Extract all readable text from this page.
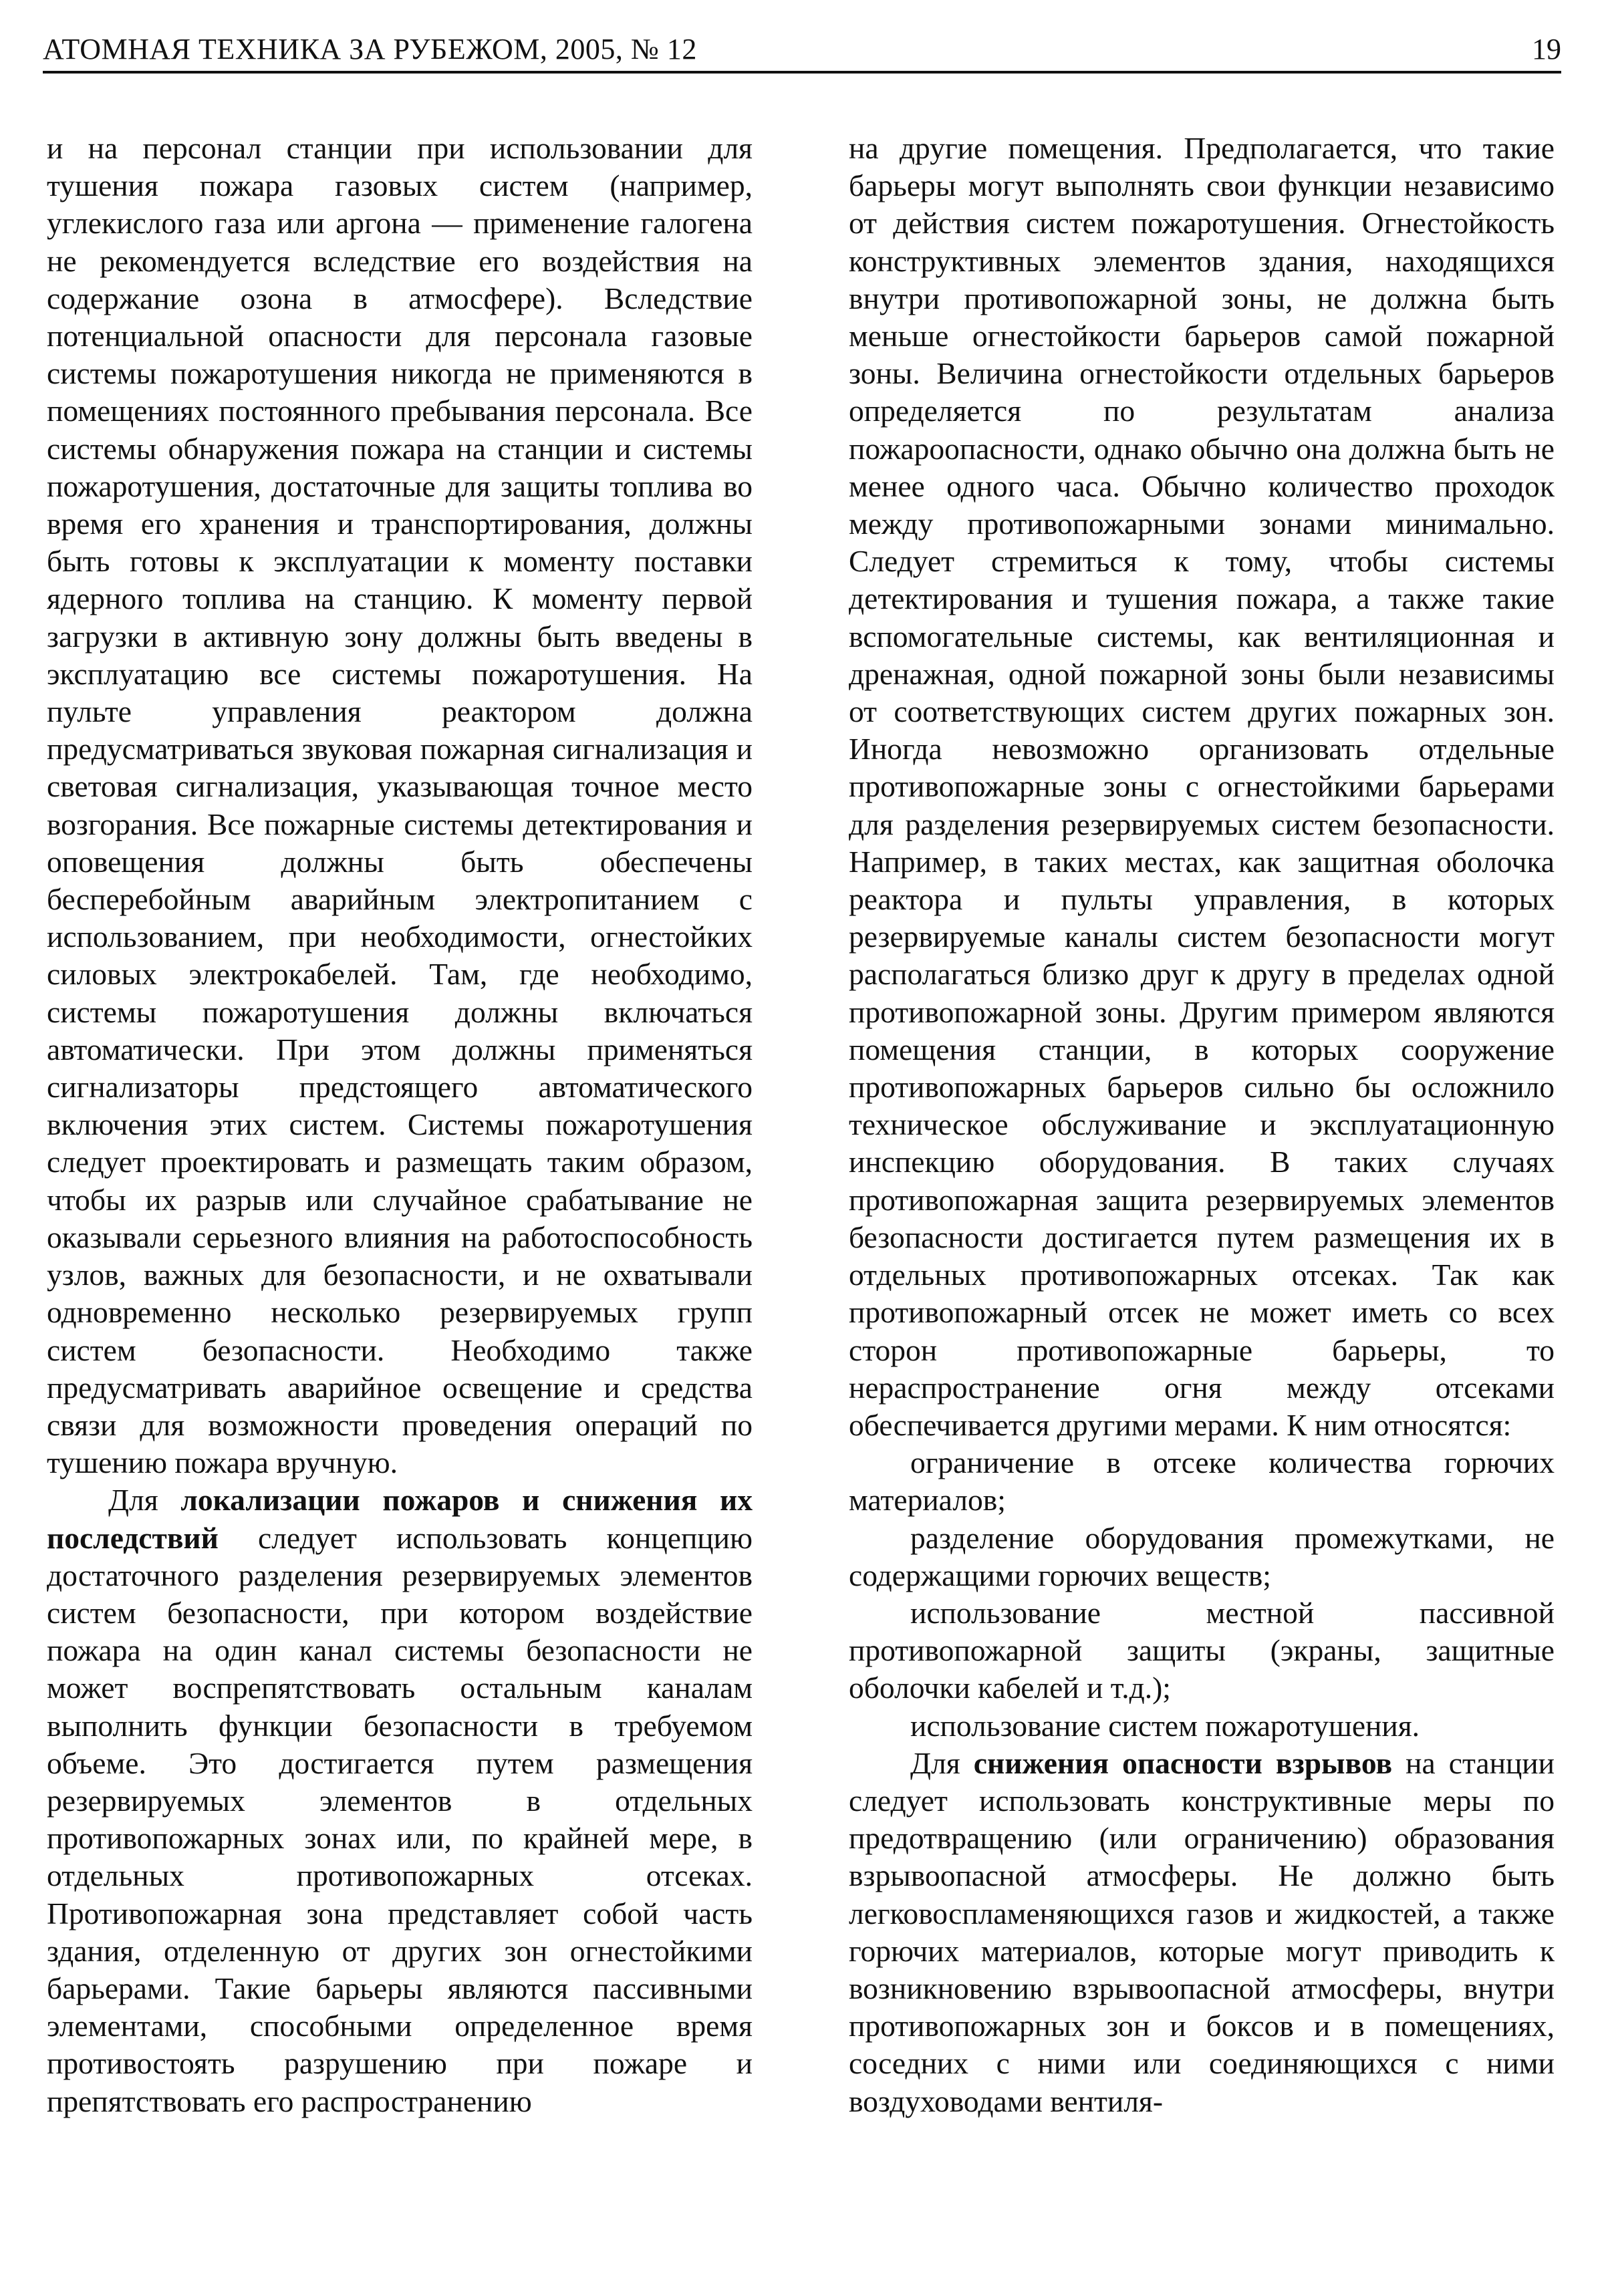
АТОМНАЯ ТЕХНИКА ЗА РУБЕЖОМ, 2005, № 12	19

и на персонал станции при использовании для тушения пожара газовых систем (например, углекислого газа или аргона — применение галогена не рекомендуется вследствие его воздействия на содержание озона в атмосфере). Вследствие потенциальной опасности для персонала газовые системы пожаротушения никогда не применяются в помещениях постоянного пребывания персонала. Все системы обнаружения пожара на станции и системы пожаротушения, достаточные для защиты топлива во время его хранения и транспортирования, должны быть готовы к эксплуатации к моменту поставки ядерного топлива на станцию. К моменту первой загрузки в активную зону должны быть введены в эксплуатацию все системы пожаротушения. На пульте управления реактором должна предусматриваться звуковая пожарная сигнализация и световая сигнализация, указывающая точное место возгорания. Все пожарные системы детектирования и оповещения должны быть обеспечены бесперебойным аварийным электропитанием с использованием, при необходимости, огнестойких силовых электрокабелей. Там, где необходимо, системы пожаротушения должны включаться автоматически. При этом должны применяться сигнализаторы предстоящего автоматического включения этих систем. Системы пожаротушения следует проектировать и размещать таким образом, чтобы их разрыв или случайное срабатывание не оказывали серьезного влияния на работоспособность узлов, важных для безопасности, и не охватывали одновременно несколько резервируемых групп систем безопасности. Необходимо также предусматривать аварийное освещение и средства связи для возможности проведения операций по тушению пожара вручную.

Для локализации пожаров и снижения их последствий следует использовать концепцию достаточного разделения резервируемых элементов систем безопасности, при котором воздействие пожара на один канал системы безопасности не может воспрепятствовать остальным каналам выполнить функции безопасности в требуемом объеме. Это достигается путем размещения резервируемых элементов в отдельных противопожарных зонах или, по крайней мере, в отдельных противопожарных отсеках. Противопожарная зона представляет собой часть здания, отделенную от других зон огнестойкими барьерами. Такие барьеры являются пассивными элементами, способными определенное время противостоять разрушению при пожаре и препятствовать его распространению

на другие помещения. Предполагается, что такие барьеры могут выполнять свои функции независимо от действия систем пожаротушения. Огнестойкость конструктивных элементов здания, находящихся внутри противопожарной зоны, не должна быть меньше огнестойкости барьеров самой пожарной зоны. Величина огнестойкости отдельных барьеров определяется по результатам анализа пожароопасности, однако обычно она должна быть не менее одного часа. Обычно количество проходок между противопожарными зонами минимально. Следует стремиться к тому, чтобы системы детектирования и тушения пожара, а также такие вспомогательные системы, как вентиляционная и дренажная, одной пожарной зоны были независимы от соответствующих систем других пожарных зон. Иногда невозможно организовать отдельные противопожарные зоны с огнестойкими барьерами для разделения резервируемых систем безопасности. Например, в таких местах, как защитная оболочка реактора и пульты управления, в которых резервируемые каналы систем безопасности могут располагаться близко друг к другу в пределах одной противопожарной зоны. Другим примером являются помещения станции, в которых сооружение противопожарных барьеров сильно бы осложнило техническое обслуживание и эксплуатационную инспекцию оборудования. В таких случаях противопожарная защита резервируемых элементов безопасности достигается путем размещения их в отдельных противопожарных отсеках. Так как противопожарный отсек не может иметь со всех сторон противопожарные барьеры, то нераспространение огня между отсеками обеспечивается другими мерами. К ним относятся:

ограничение в отсеке количества горючих материалов;

разделение оборудования промежутками, не содержащими горючих веществ;

использование местной пассивной противопожарной защиты (экраны, защитные оболочки кабелей и т.д.);

использование систем пожаротушения.

Для снижения опасности взрывов на станции следует использовать конструктивные меры по предотвращению (или ограничению) образования взрывоопасной атмосферы. Не должно быть легковоспламеняющихся газов и жидкостей, а также горючих материалов, которые могут приводить к возникновению взрывоопасной атмосферы, внутри противопожарных зон и боксов и в помещениях, соседних с ними или соединяющихся с ними воздуховодами вентиля-
